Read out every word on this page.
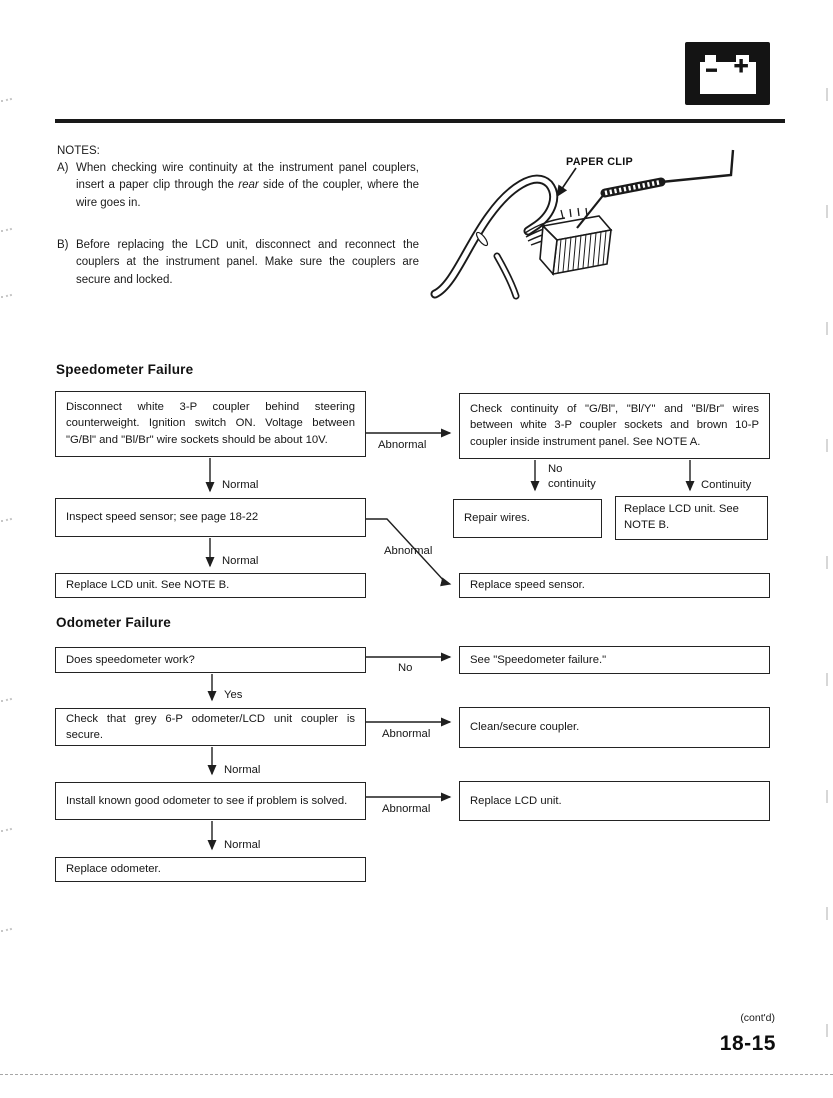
NOTES:
A) When checking wire continuity at the instrument panel couplers, insert a paper clip through the rear side of the coupler, where the wire goes in.
B) Before replacing the LCD unit, disconnect and reconnect the couplers at the instrument panel. Make sure the couplers are secure and locked.
PAPER CLIP
Speedometer Failure
Disconnect white 3-P coupler behind steering counterweight. Ignition switch ON. Voltage between "G/Bl" and "Bl/Br" wire sockets should be about 10V.
Check continuity of "G/Bl", "Bl/Y" and "Bl/Br" wires between white 3-P coupler sockets and brown 10-P coupler inside instrument panel. See NOTE A.
Inspect speed sensor; see page 18-22	Repair wires.
Replace LCD unit. See NOTE B.
Replace LCD unit. See NOTE B.	Replace speed sensor.
Abnormal
Normal
No
continuity	Continuity
Normal
Abnormal
Odometer Failure
Does speedometer work?	See "Speedometer failure."
Check that grey 6-P odometer/LCD unit coupler is secure.
Clean/secure coupler.
Install known good odometer to see if problem is solved.	Replace LCD unit.
Replace odometer.
No
Yes
Abnormal
Normal
Abnormal
Normal
(cont'd)
18-15
